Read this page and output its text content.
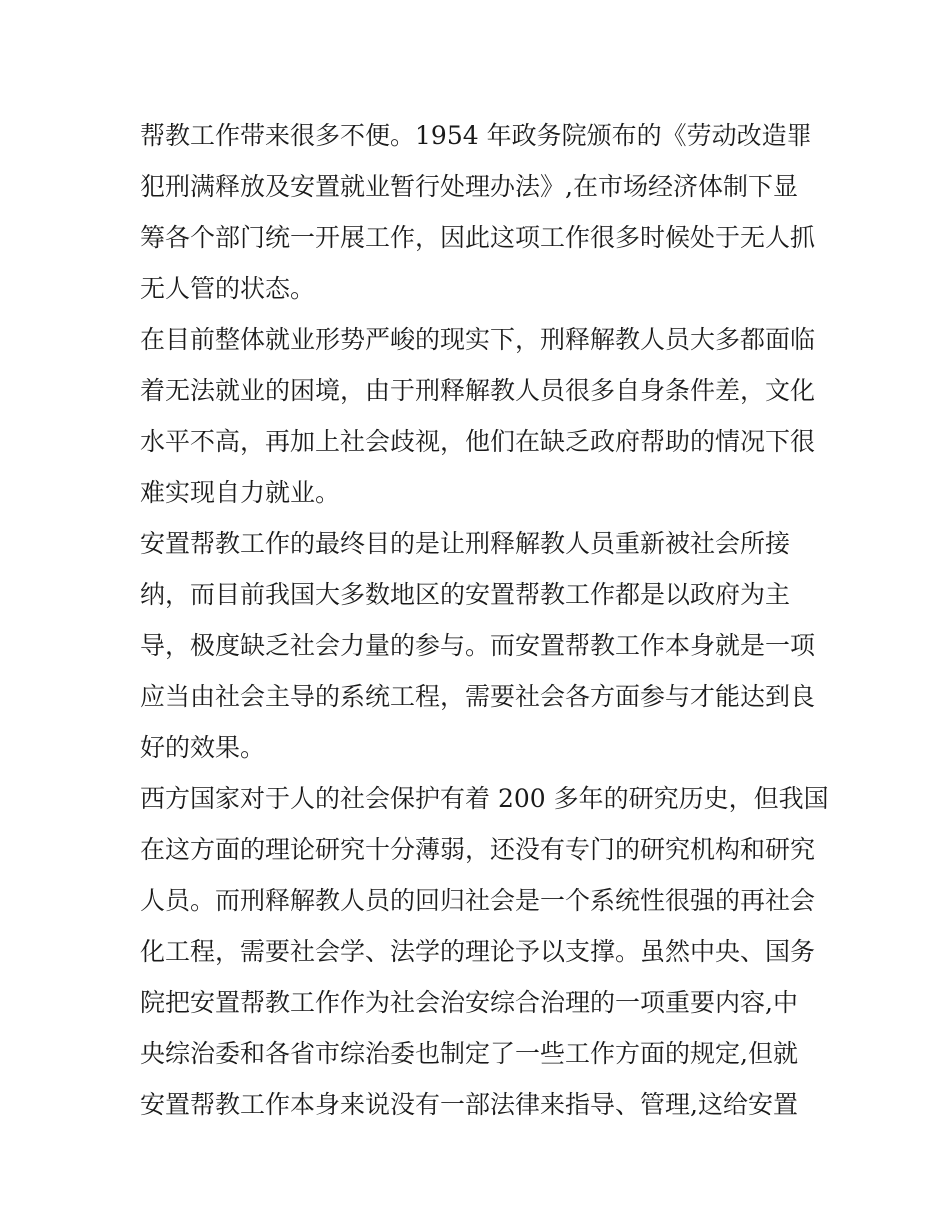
帮教工作带来很多不便。1954 年政务院颁布的《劳动改造罪
犯刑满释放及安置就业暂行处理办法》,在市场经济体制下显
筹各个部门统一开展工作，因此这项工作很多时候处于无人抓
无人管的状态。
在目前整体就业形势严峻的现实下，刑释解教人员大多都面临
着无法就业的困境，由于刑释解教人员很多自身条件差，文化
水平不高，再加上社会歧视，他们在缺乏政府帮助的情况下很
难实现自力就业。
安置帮教工作的最终目的是让刑释解教人员重新被社会所接
纳，而目前我国大多数地区的安置帮教工作都是以政府为主
导，极度缺乏社会力量的参与。而安置帮教工作本身就是一项
应当由社会主导的系统工程，需要社会各方面参与才能达到良
好的效果。
西方国家对于人的社会保护有着 200 多年的研究历史，但我国
在这方面的理论研究十分薄弱，还没有专门的研究机构和研究
人员。而刑释解教人员的回归社会是一个系统性很强的再社会
化工程，需要社会学、法学的理论予以支撑。虽然中央、国务
院把安置帮教工作作为社会治安综合治理的一项重要内容,中
央综治委和各省市综治委也制定了一些工作方面的规定,但就
安置帮教工作本身来说没有一部法律来指导、管理,这给安置
